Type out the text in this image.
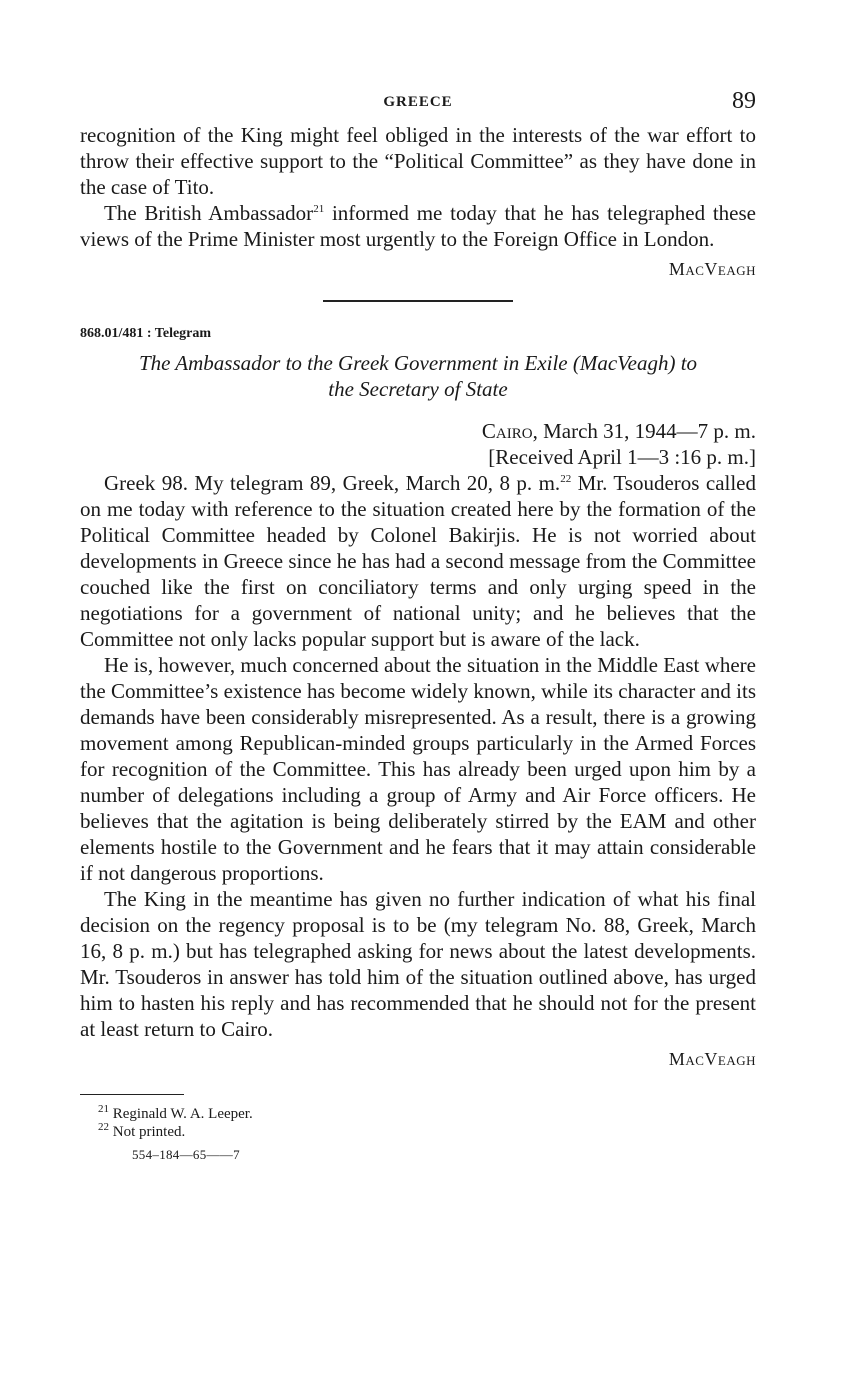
GREECE	89

recognition of the King might feel obliged in the interests of the war effort to throw their effective support to the “Political Committee” as they have done in the case of Tito.

The British Ambassador$^{21}$ informed me today that he has telegraphed these views of the Prime Minister most urgently to the Foreign Office in London.

MacVeagh
868.01/481 : Telegram
The Ambassador to the Greek Government in Exile (MacVeagh) to
the Secretary of State
Cairo, March 31, 1944—7 p. m.
[Received April 1—3 :16 p. m.]

Greek 98. My telegram 89, Greek, March 20, 8 p. m.$^{22}$ Mr. Tsouderos called on me today with reference to the situation created here by the formation of the Political Committee headed by Colonel Bakirjis. He is not worried about developments in Greece since he has had a second message from the Committee couched like the first on conciliatory terms and only urging speed in the negotiations for a government of national unity; and he believes that the Committee not only lacks popular support but is aware of the lack.

He is, however, much concerned about the situation in the Middle East where the Committee’s existence has become widely known, while its character and its demands have been considerably misrepresented. As a result, there is a growing movement among Republican-minded groups particularly in the Armed Forces for recognition of the Committee. This has already been urged upon him by a number of delegations including a group of Army and Air Force officers. He believes that the agitation is being deliberately stirred by the EAM and other elements hostile to the Government and he fears that it may attain considerable if not dangerous proportions.

The King in the meantime has given no further indication of what his final decision on the regency proposal is to be (my telegram No. 88, Greek, March 16, 8 p. m.) but has telegraphed asking for news about the latest developments. Mr. Tsouderos in answer has told him of the situation outlined above, has urged him to hasten his reply and has recommended that he should not for the present at least return to Cairo.

MacVeagh
$^{21}$ Reginald W. A. Leeper.
$^{22}$ Not printed.
554–184—65——7
